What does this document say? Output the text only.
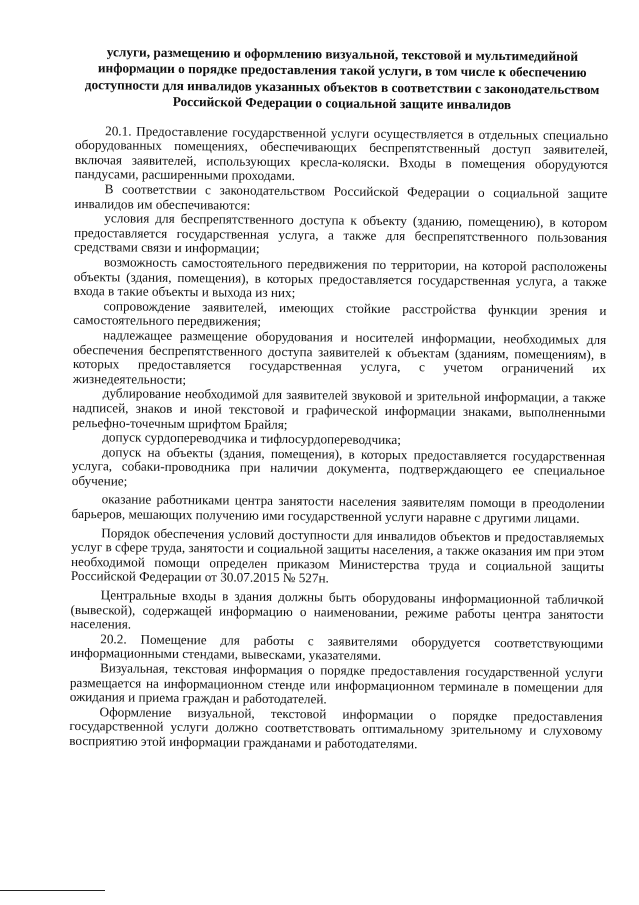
услуги, размещению и оформлению визуальной, текстовой и мультимедийной информации о порядке предоставления такой услуги, в том числе к обеспечению доступности для инвалидов указанных объектов в соответствии с законодательством Российской Федерации о социальной защите инвалидов

20.1. Предоставление государственной услуги осуществляется в отдельных специально оборудованных помещениях, обеспечивающих беспрепятственный доступ заявителей, включая заявителей, использующих кресла-коляски. Входы в помещения оборудуются пандусами, расширенными проходами.

В соответствии с законодательством Российской Федерации о социальной защите инвалидов им обеспечиваются:

условия для беспрепятственного доступа к объекту (зданию, помещению), в котором предоставляется государственная услуга, а также для беспрепятственного пользования средствами связи и информации;

возможность самостоятельного передвижения по территории, на которой расположены объекты (здания, помещения), в которых предоставляется государственная услуга, а также входа в такие объекты и выхода из них;

сопровождение заявителей, имеющих стойкие расстройства функции зрения и самостоятельного передвижения;

надлежащее размещение оборудования и носителей информации, необходимых для обеспечения беспрепятственного доступа заявителей к объектам (зданиям, помещениям), в которых предоставляется государственная услуга, с учетом ограничений их жизнедеятельности;

дублирование необходимой для заявителей звуковой и зрительной информации, а также надписей, знаков и иной текстовой и графической информации знаками, выполненными рельефно-точечным шрифтом Брайля;

допуск сурдопереводчика и тифлосурдопереводчика;

допуск на объекты (здания, помещения), в которых предоставляется государственная услуга, собаки-проводника при наличии документа, подтверждающего ее специальное обучение;

оказание работниками центра занятости населения заявителям помощи в преодолении барьеров, мешающих получению ими государственной услуги наравне с другими лицами.

Порядок обеспечения условий доступности для инвалидов объектов и предоставляемых услуг в сфере труда, занятости и социальной защиты населения, а также оказания им при этом необходимой помощи определен приказом Министерства труда и социальной защиты Российской Федерации от 30.07.2015 № 527н.

Центральные входы в здания должны быть оборудованы информационной табличкой (вывеской), содержащей информацию о наименовании, режиме работы центра занятости населения.

20.2. Помещение для работы с заявителями оборудуется соответствующими информационными стендами, вывесками, указателями.

Визуальная, текстовая информация о порядке предоставления государственной услуги размещается на информационном стенде или информационном терминале в помещении для ожидания и приема граждан и работодателей.

Оформление визуальной, текстовой информации о порядке предоставления государственной услуги должно соответствовать оптимальному зрительному и слуховому восприятию этой информации гражданами и работодателями.
